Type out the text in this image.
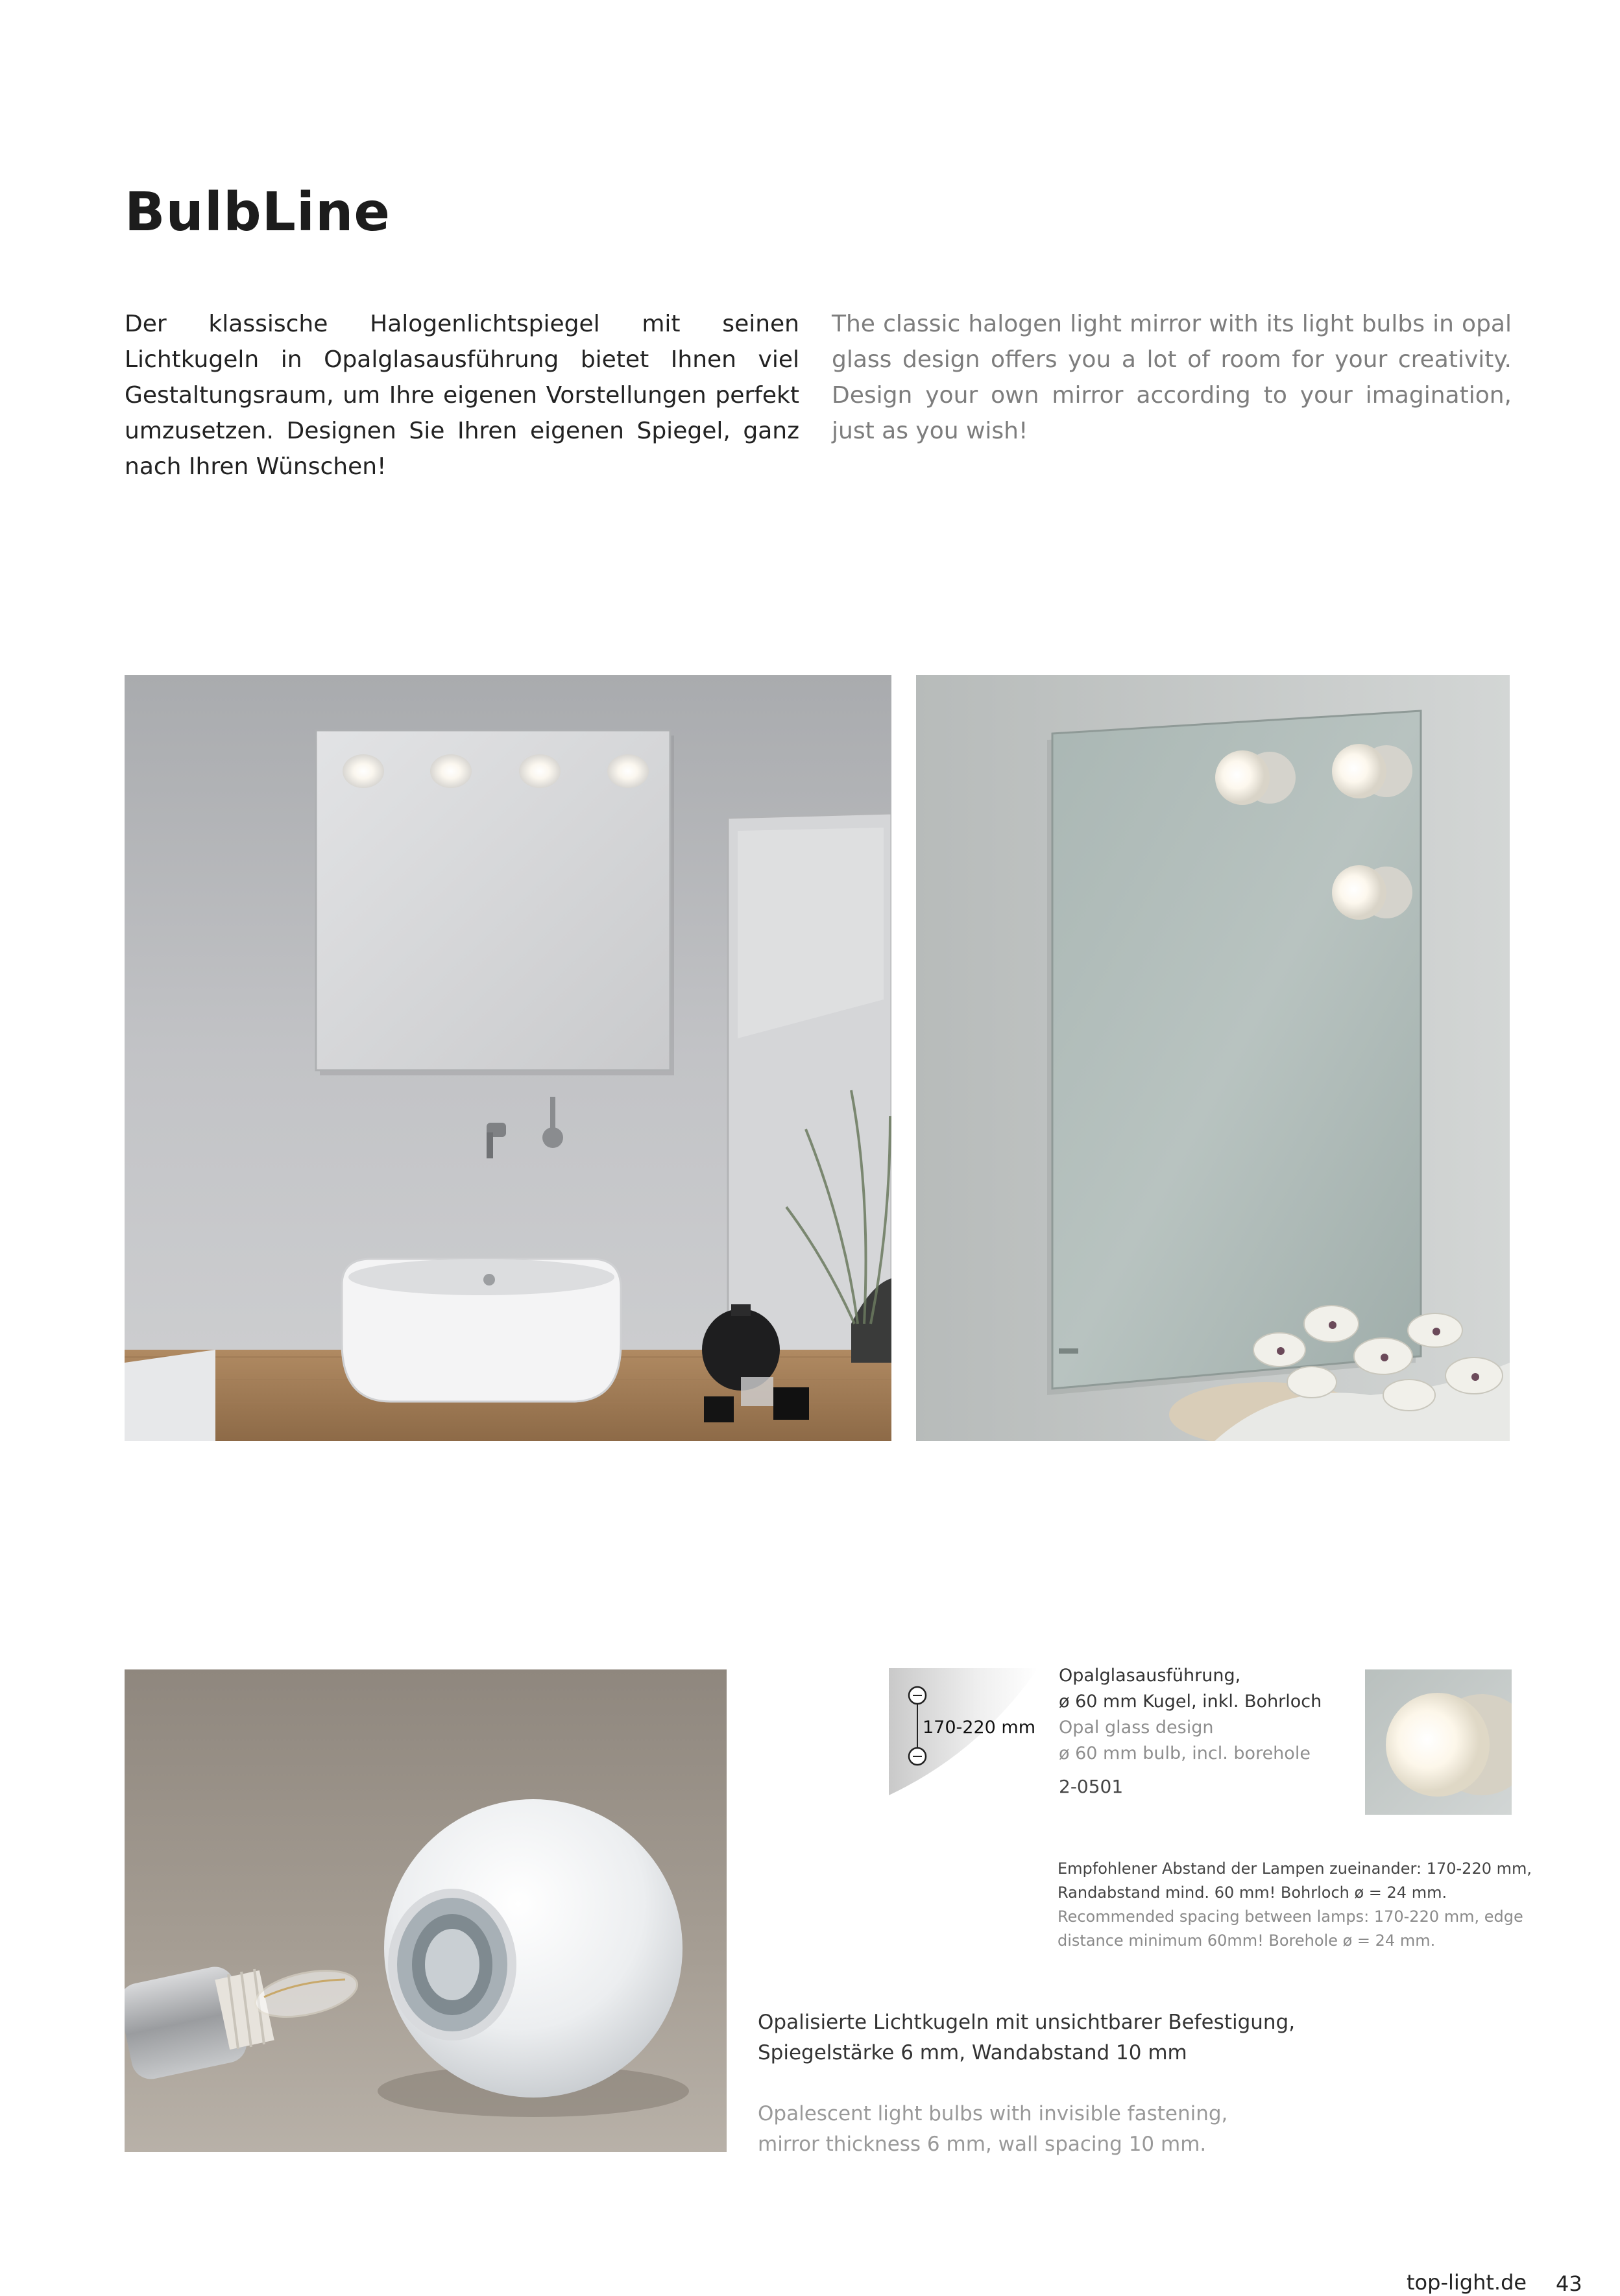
BulbLine
Der klassische Halogenlichtspiegel mit seinen Lichtkugeln in Opalglasausführung bietet Ihnen viel Gestaltungsraum, um Ihre eigenen Vorstellungen perfekt umzusetzen. Designen Sie Ihren eigenen Spiegel, ganz nach Ihren Wünschen!
The classic halogen light mirror with its light bulbs in opal glass design offers you a lot of room for your creativity. Design your own mirror according to your imagination, just as you wish!
170-220 mm
Opalglasausführung,
ø 60 mm Kugel, inkl. Bohrloch
Opal glass design
ø 60 mm bulb, incl. borehole
2-0501
Empfohlener Abstand der Lampen zueinander: 170-220 mm,
Randabstand mind. 60 mm! Bohrloch ø = 24 mm.
Recommended spacing between lamps: 170-220 mm, edge
distance minimum 60mm! Borehole ø = 24 mm.
Opalisierte Lichtkugeln mit unsichtbarer Befestigung,
Spiegelstärke 6 mm, Wandabstand 10 mm
Opalescent light bulbs with invisible fastening,
mirror thickness 6 mm, wall spacing 10 mm.
top-light.de 43
